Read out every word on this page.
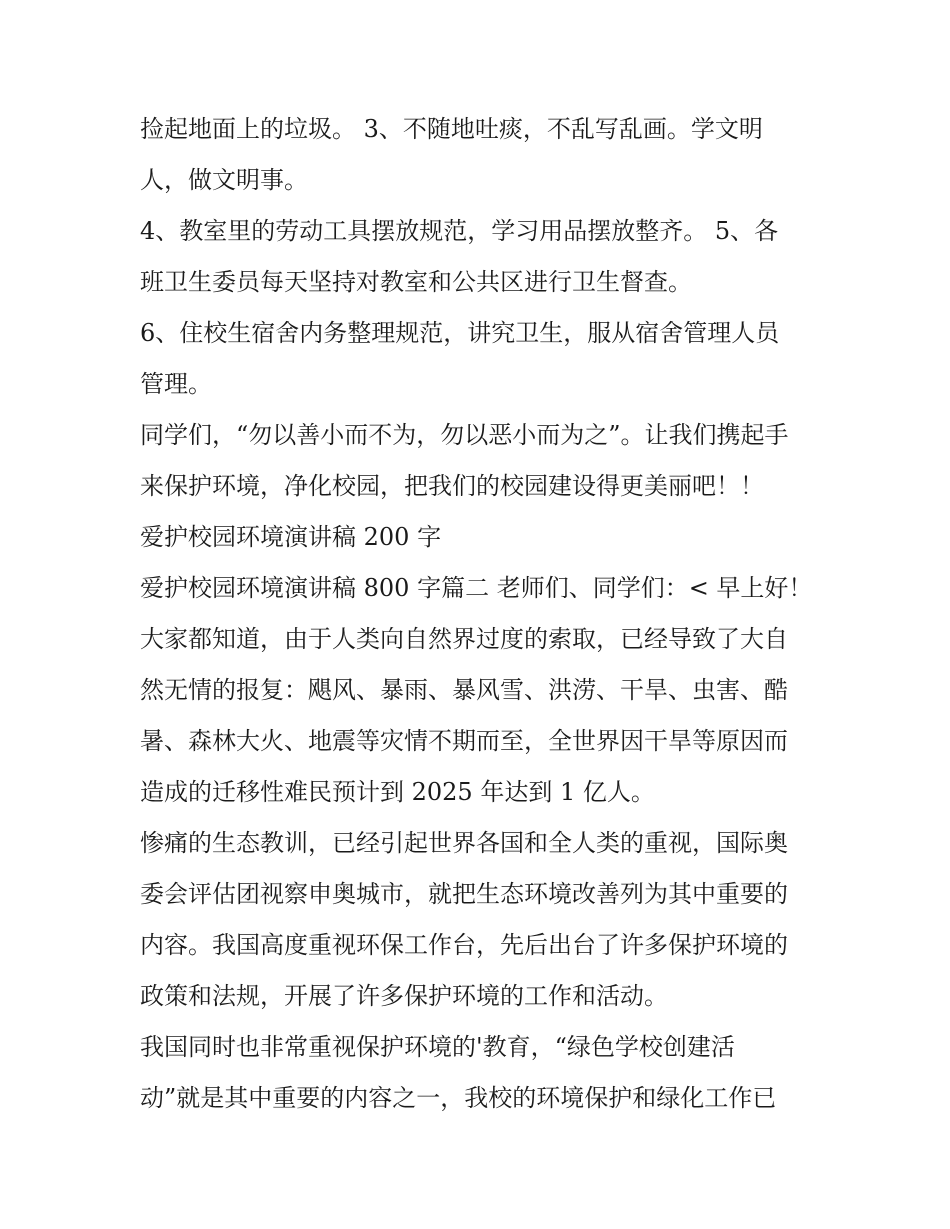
捡起地面上的垃圾。 3、不随地吐痰，不乱写乱画。学文明
人，做文明事。

4、教室里的劳动工具摆放规范，学习用品摆放整齐。 5、各
班卫生委员每天坚持对教室和公共区进行卫生督查。

6、住校生宿舍内务整理规范，讲究卫生，服从宿舍管理人员
管理。

同学们，“勿以善小而不为，勿以恶小而为之”。让我们携起手
来保护环境，净化校园，把我们的校园建设得更美丽吧！！

爱护校园环境演讲稿 200 字

爱护校园环境演讲稿 800 字篇二 老师们、同学们：< 早上好！
大家都知道，由于人类向自然界过度的索取，已经导致了大自
然无情的报复：飓风、暴雨、暴风雪、洪涝、干旱、虫害、酷
暑、森林大火、地震等灾情不期而至，全世界因干旱等原因而
造成的迁移性难民预计到 2025 年达到 1 亿人。

惨痛的生态教训，已经引起世界各国和全人类的重视，国际奥
委会评估团视察申奥城市，就把生态环境改善列为其中重要的
内容。我国高度重视环保工作台，先后出台了许多保护环境的
政策和法规，开展了许多保护环境的工作和活动。

我国同时也非常重视保护环境的'教育，“绿色学校创建活
动”就是其中重要的内容之一，我校的环境保护和绿化工作已
